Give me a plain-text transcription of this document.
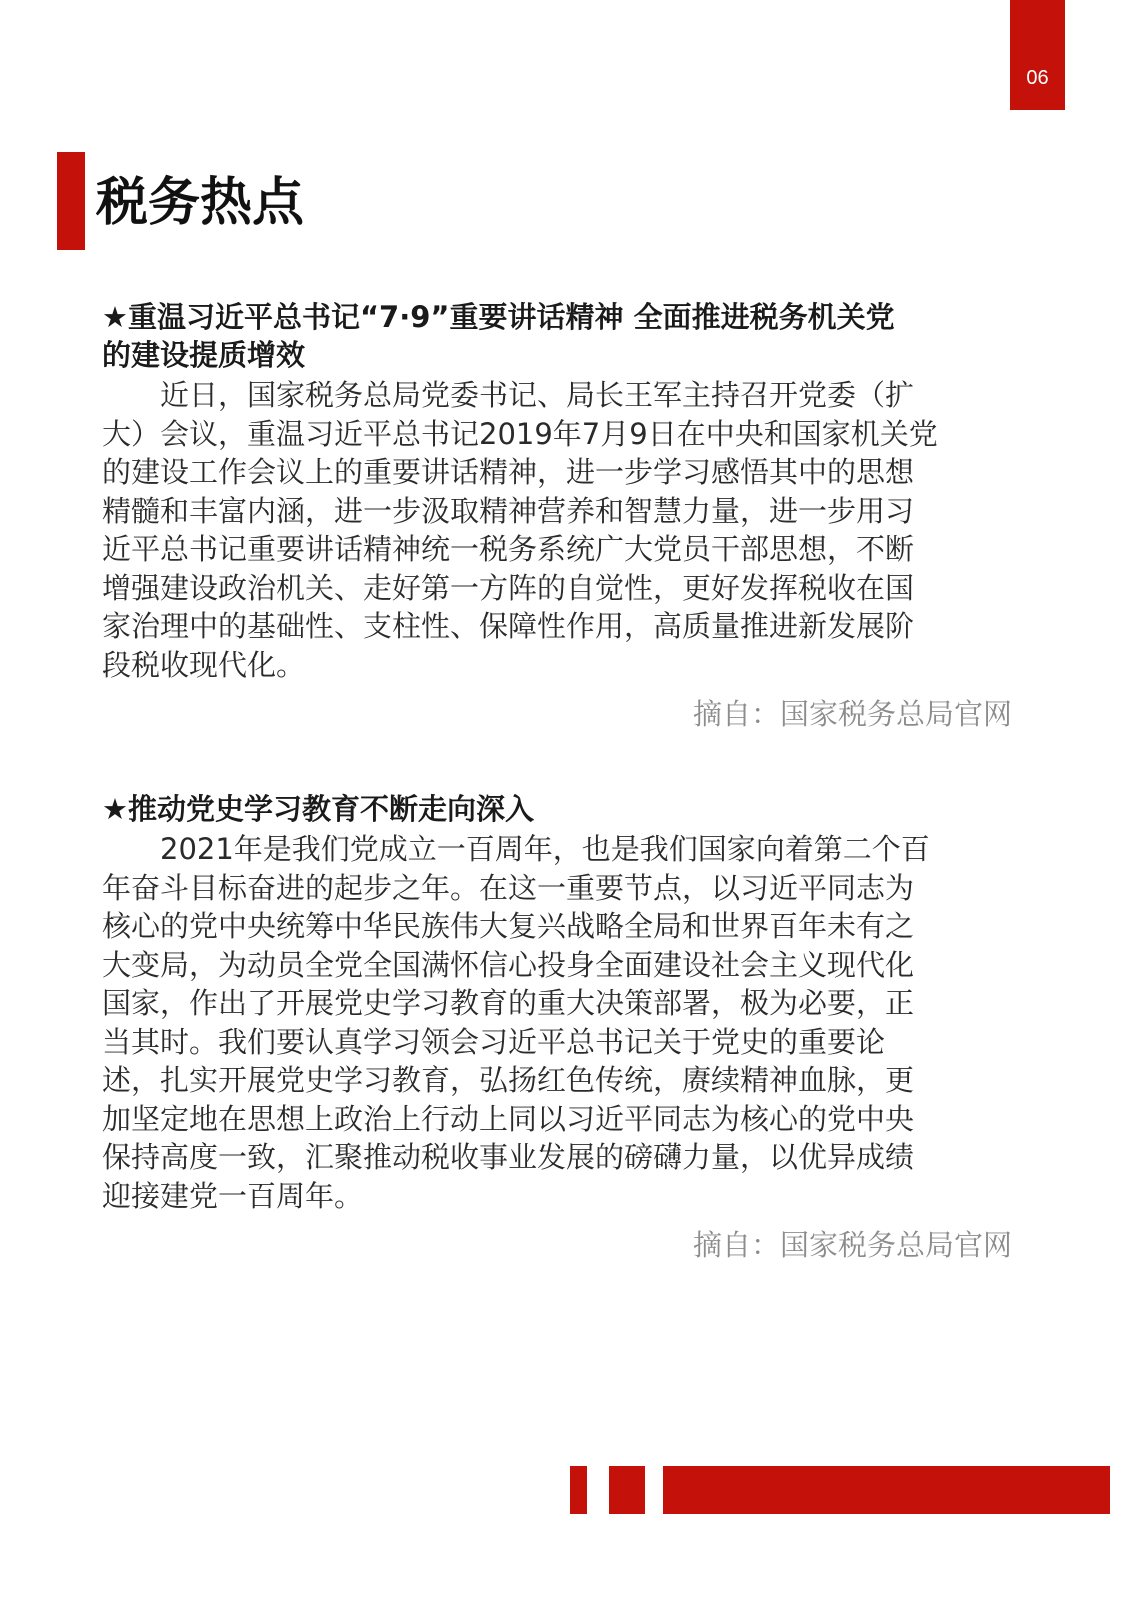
06
税务热点
★重温习近平总书记“7·9”重要讲话精神 全面推进税务机关党
的建设提质增效
　　近日，国家税务总局党委书记、局长王军主持召开党委（扩
大）会议，重温习近平总书记2019年7月9日在中央和国家机关党
的建设工作会议上的重要讲话精神，进一步学习感悟其中的思想
精髓和丰富内涵，进一步汲取精神营养和智慧力量，进一步用习
近平总书记重要讲话精神统一税务系统广大党员干部思想，不断
增强建设政治机关、走好第一方阵的自觉性，更好发挥税收在国
家治理中的基础性、支柱性、保障性作用，高质量推进新发展阶
段税收现代化。
摘自：国家税务总局官网
★推动党史学习教育不断走向深入
　　2021年是我们党成立一百周年，也是我们国家向着第二个百
年奋斗目标奋进的起步之年。在这一重要节点，以习近平同志为
核心的党中央统筹中华民族伟大复兴战略全局和世界百年未有之
大变局，为动员全党全国满怀信心投身全面建设社会主义现代化
国家，作出了开展党史学习教育的重大决策部署，极为必要，正
当其时。我们要认真学习领会习近平总书记关于党史的重要论
述，扎实开展党史学习教育，弘扬红色传统，赓续精神血脉，更
加坚定地在思想上政治上行动上同以习近平同志为核心的党中央
保持高度一致，汇聚推动税收事业发展的磅礴力量，以优异成绩
迎接建党一百周年。
摘自：国家税务总局官网
